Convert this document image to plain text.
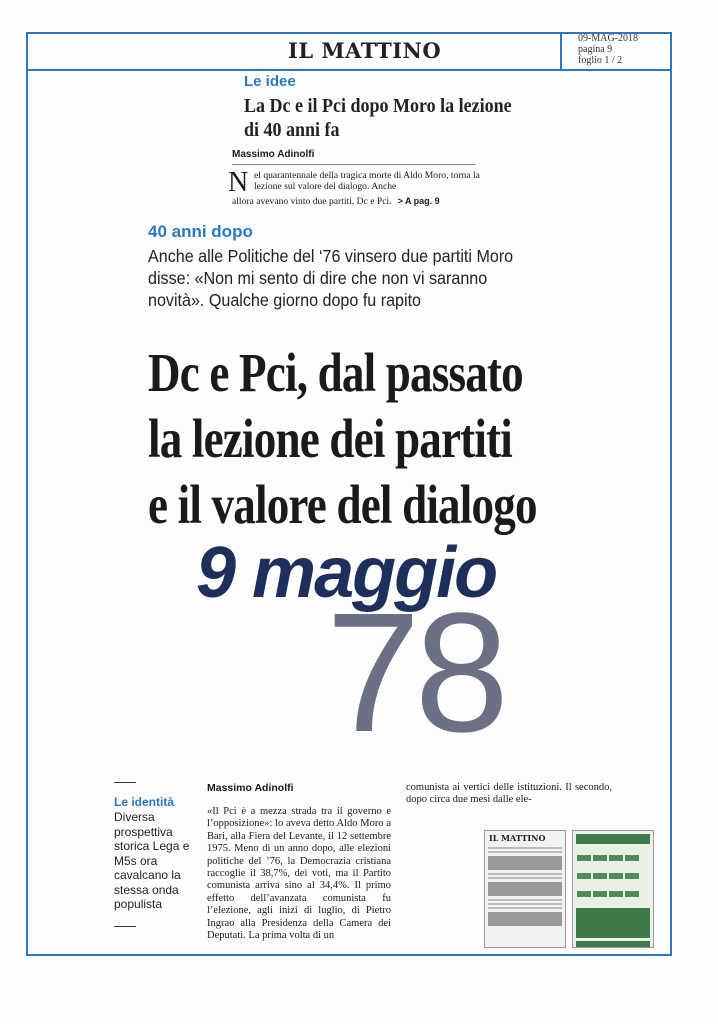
IL MATTINO	09-MAG-2018
pagina 9
foglio 1 / 2
Le idee
La Dc e il Pci dopo Moro la lezione di 40 anni fa
Massimo Adinolfi
N el quarantennale della tragica morte di Aldo Moro, torna la lezione sul valore del dialogo. Anche
allora avevano vinto due partiti, Dc e Pci. > A pag. 9
40 anni dopo
Anche alle Politiche del ‘76 vinsero due partiti Moro disse: «Non mi sento di dire che non vi saranno novità». Qualche giorno dopo fu rapito
Dc e Pci, dal passato
la lezione dei partiti
e il valore del dialogo
78
9 maggio
Le identità
Diversa prospettiva storica Lega e M5s ora cavalcano la stessa onda populista
Massimo Adinolfi
«Il Pci è a mezza strada tra il governo e l’opposizione»: lo aveva detto Aldo Moro a Bari, alla Fiera del Levante, il 12 settembre 1975. Meno di un anno dopo, alle elezioni politiche del ’76, la Democrazia cristiana raccoglie il 38,7%, dei voti, ma il Partito comunista arriva sino al 34,4%. Il primo effetto dell’avanzata comunista fu l’elezione, agli inizi di luglio, di Pietro Ingrao alla Presidenza della Camera dei Deputati. La prima volta di un
comunista ai vertici delle istituzioni. Il secondo, dopo circa due mesi dalle ele-
IL MATTINO
